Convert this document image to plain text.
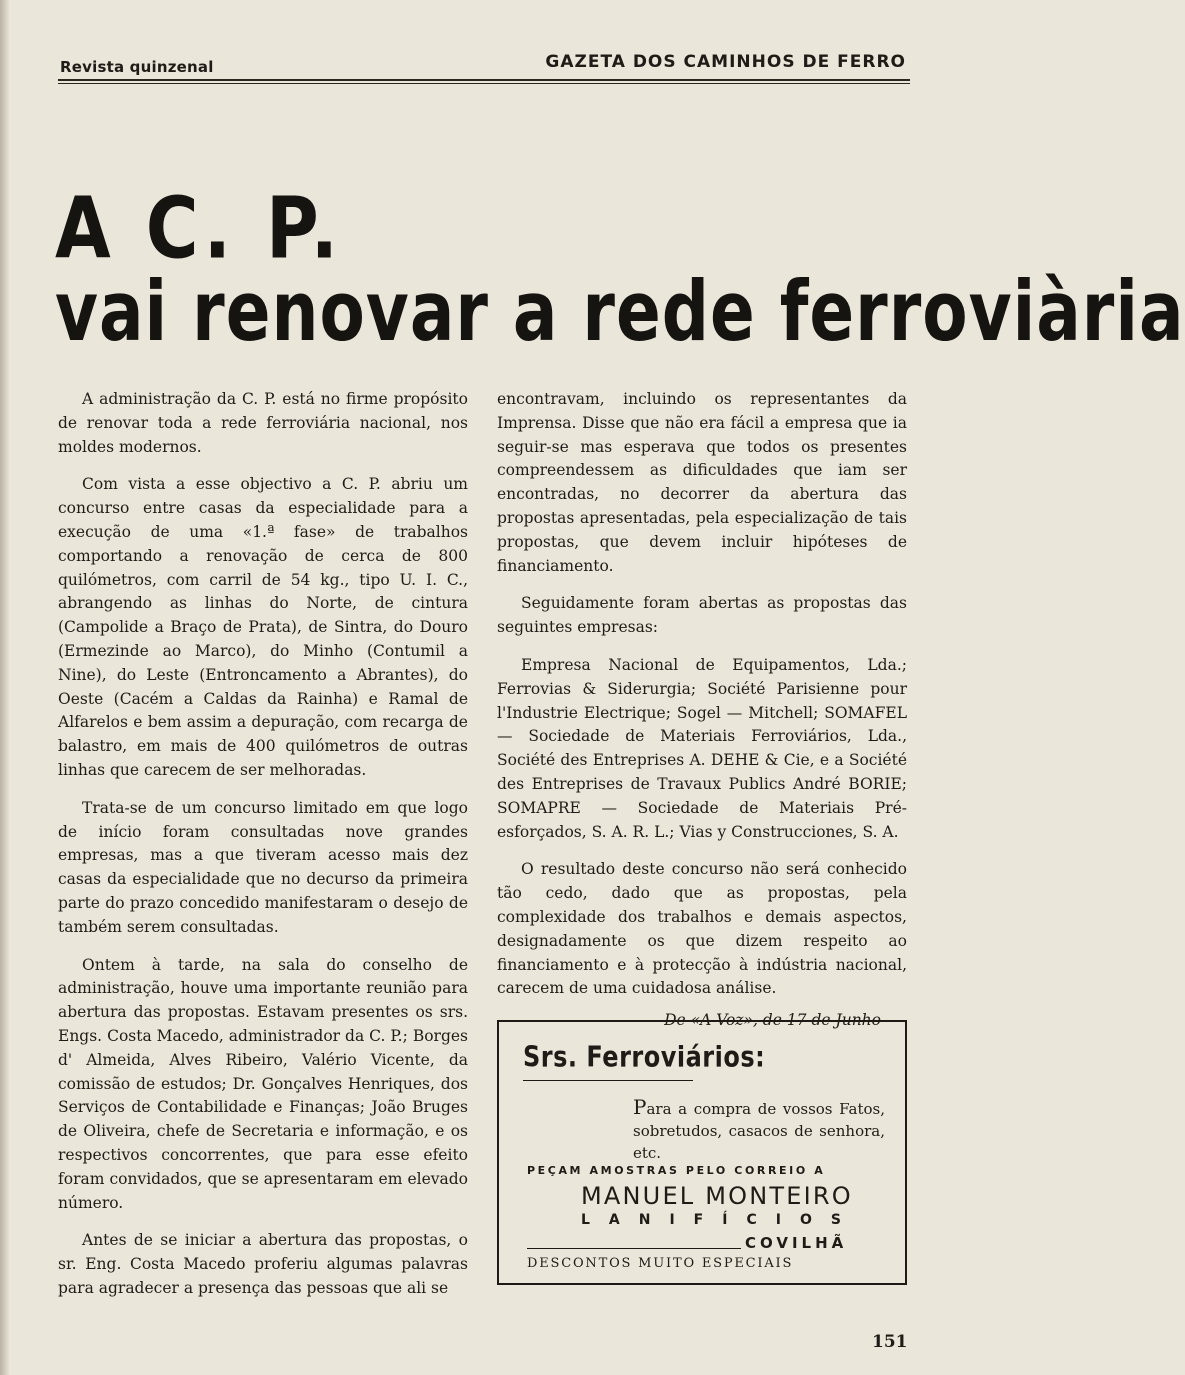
Revista quinzenal	GAZETA DOS CAMINHOS DE FERRO
A C. P.
vai renovar a rede ferroviària

A administração da C. P. está no firme propósito de renovar toda a rede ferroviária nacional, nos moldes modernos.

Com vista a esse objectivo a C. P. abriu um concurso entre casas da especialidade para a execução de uma «1.ª fase» de trabalhos comportando a renovação de cerca de 800 quilómetros, com carril de 54 kg., tipo U. I. C., abrangendo as linhas do Norte, de cintura (Campolide a Braço de Prata), de Sintra, do Douro (Ermezinde ao Marco), do Minho (Contumil a Nine), do Leste (Entroncamento a Abrantes), do Oeste (Cacém a Caldas da Rainha) e Ramal de Alfarelos e bem assim a depuração, com recarga de balastro, em mais de 400 quilómetros de outras linhas que carecem de ser melhoradas.

Trata-se de um concurso limitado em que logo de início foram consultadas nove grandes empresas, mas a que tiveram acesso mais dez casas da especialidade que no decurso da primeira parte do prazo concedido manifestaram o desejo de também serem consultadas.

Ontem à tarde, na sala do conselho de administração, houve uma importante reunião para abertura das propostas. Estavam presentes os srs. Engs. Costa Macedo, administrador da C. P.; Borges d' Almeida, Alves Ribeiro, Valério Vicente, da comissão de estudos; Dr. Gonçalves Henriques, dos Serviços de Contabilidade e Finanças; João Bruges de Oliveira, chefe de Secretaria e informação, e os respectivos concorrentes, que para esse efeito foram convidados, que se apresentaram em elevado número.

Antes de se iniciar a abertura das propostas, o sr. Eng. Costa Macedo proferiu algumas palavras para agradecer a presença das pessoas que ali se

encontravam, incluindo os representantes da Imprensa. Disse que não era fácil a empresa que ia seguir-se mas esperava que todos os presentes compreendessem as dificuldades que iam ser encontradas, no decorrer da abertura das propostas apresentadas, pela especialização de tais propostas, que devem incluir hipóteses de financiamento.

Seguidamente foram abertas as propostas das seguintes empresas:

Empresa Nacional de Equipamentos, Lda.; Ferrovias & Siderurgia; Société Parisienne pour l'Industrie Electrique; Sogel — Mitchell; SOMAFEL — Sociedade de Materiais Ferroviários, Lda., Société des Entreprises A. DEHE & Cie, e a Société des Entreprises de Travaux Publics André BORIE; SOMAPRE — Sociedade de Materiais Pré-esforçados, S. A. R. L.; Vias y Construcciones, S. A.

O resultado deste concurso não será conhecido tão cedo, dado que as propostas, pela complexidade dos trabalhos e demais aspectos, designadamente os que dizem respeito ao financiamento e à protecção à indústria nacional, carecem de uma cuidadosa análise.

De «A Voz», de 17 de Junho
Srs. Ferroviários:
Para a compra de vossos Fatos, sobretudos, casacos de senhora, etc.
PEÇAM AMOSTRAS PELO CORREIO A
MANUEL MONTEIRO
LANIFÍCIOS
COVILHÃ
DESCONTOS MUITO ESPECIAIS
151
